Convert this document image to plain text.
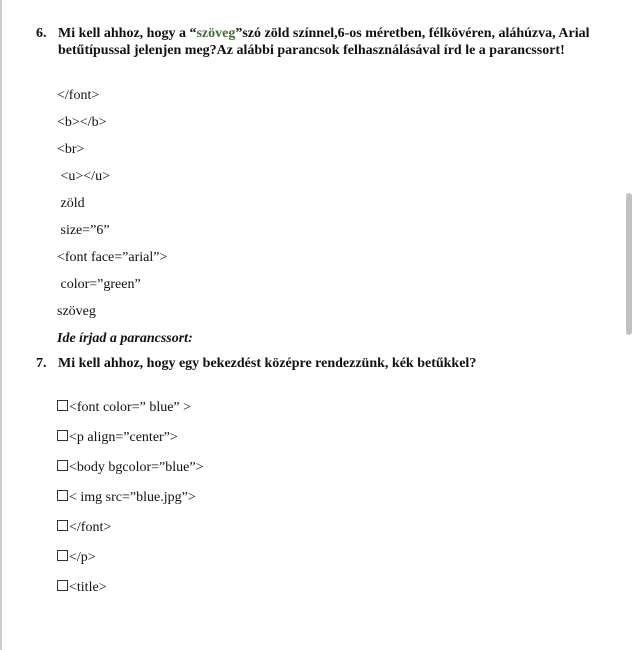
6. Mi kell ahhoz, hogy a “szöveg”szó zöld színnel,6-os méretben, félkövéren, aláhúzva, Arial betűtípussal jelenjen meg?Az alábbi parancsok felhasználásával írd le a parancssort!
</font>
<b></b>
<br>
<u></u>
zöld
size=”6”
<font face=”arial”>
color=”green”
szöveg
Ide írjad a parancssort:
7. Mi kell ahhoz, hogy egy bekezdést középre rendezzünk, kék betűkkel?
<font color=” blue” >
<p align=”center”>
<body bgcolor=”blue”>
< img src=”blue.jpg”>
</font>
</p>
<title>
